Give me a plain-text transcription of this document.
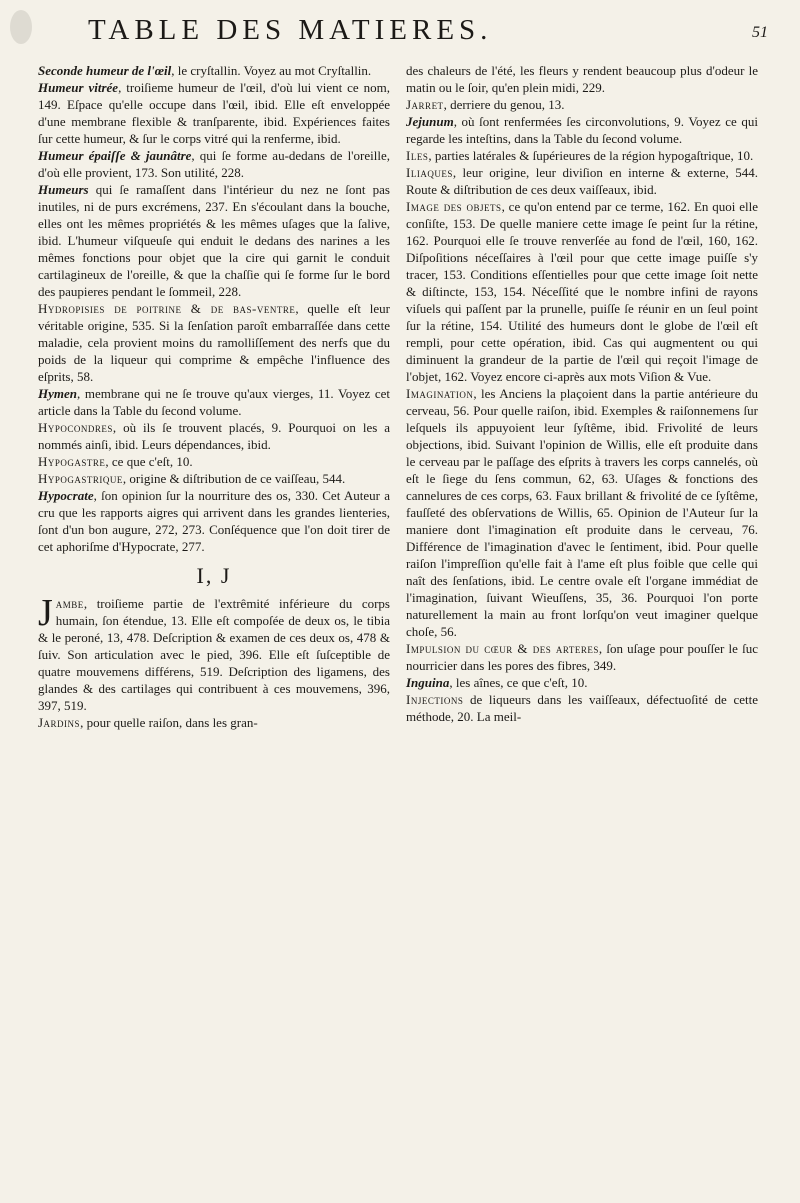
TABLE DES MATIERES.	51

Seconde humeur de l'œil, le cryſtallin. Voyez au mot Cryſtallin.

Humeur vitrée, troiſieme humeur de l'œil, d'où lui vient ce nom, 149. Eſpace qu'elle occupe dans l'œil, ibid. Elle eſt enveloppée d'une membrane flexible & tranſparente, ibid. Expériences faites ſur cette humeur, & ſur le corps vitré qui la renferme, ibid.

Humeur épaiſſe & jaunâtre, qui ſe forme au-dedans de l'oreille, d'où elle provient, 173. Son utilité, 228.

Humeurs qui ſe ramaſſent dans l'intérieur du nez ne ſont pas inutiles, ni de purs excrémens, 237. En s'écoulant dans la bouche, elles ont les mêmes propriétés & les mêmes uſages que la ſalive, ibid. L'humeur viſqueuſe qui enduit le dedans des narines a les mêmes fonctions pour objet que la cire qui garnit le conduit cartilagineux de l'oreille, & que la chaſſie qui ſe forme ſur le bord des paupieres pendant le ſommeil, 228.

Hydropisies de poitrine & de bas-ventre, quelle eſt leur véritable origine, 535. Si la ſenſation paroît embarraſſée dans cette maladie, cela provient moins du ramolliſſement des nerfs que du poids de la liqueur qui comprime & empêche l'influence des eſprits, 58.

Hymen, membrane qui ne ſe trouve qu'aux vierges, 11. Voyez cet article dans la Table du ſecond volume.

Hypocondres, où ils ſe trouvent placés, 9. Pourquoi on les a nommés ainſi, ibid. Leurs dépendances, ibid.

Hypogastre, ce que c'eſt, 10.

Hypogastrique, origine & diſtribution de ce vaiſſeau, 544.

Hypocrate, ſon opinion ſur la nourriture des os, 330. Cet Auteur a cru que les rapports aigres qui arrivent dans les grandes lienteries, ſont d'un bon augure, 272, 273. Conſéquence que l'on doit tirer de cet aphoriſme d'Hypocrate, 277.

I, J

Jambe, troiſieme partie de l'extrêmité inférieure du corps humain, ſon étendue, 13. Elle eſt compoſée de deux os, le tibia & le peroné, 13, 478. Deſcription & examen de ces deux os, 478 & ſuiv. Son articulation avec le pied, 396. Elle eſt ſuſceptible de quatre mouvemens différens, 519. Deſcription des ligamens, des glandes & des cartilages qui contribuent à ces mouvemens, 396, 397, 519.

Jardins, pour quelle raiſon, dans les gran-

des chaleurs de l'été, les fleurs y rendent beaucoup plus d'odeur le matin ou le ſoir, qu'en plein midi, 229.

Jarret, derriere du genou, 13.

Jejunum, où ſont renfermées ſes circonvolutions, 9. Voyez ce qui regarde les inteſtins, dans la Table du ſecond volume.

Iles, parties latérales & ſupérieures de la région hypogaſtrique, 10.

Iliaques, leur origine, leur diviſion en interne & externe, 544. Route & diſtribution de ces deux vaiſſeaux, ibid.

Image des objets, ce qu'on entend par ce terme, 162. En quoi elle conſiſte, 153. De quelle maniere cette image ſe peint ſur la rétine, 162. Pourquoi elle ſe trouve renverſée au fond de l'œil, 160, 162. Diſpoſitions néceſſaires à l'œil pour que cette image puiſſe s'y tracer, 153. Conditions eſſentielles pour que cette image ſoit nette & diſtincte, 153, 154. Néceſſité que le nombre infini de rayons viſuels qui paſſent par la prunelle, puiſſe ſe réunir en un ſeul point ſur la rétine, 154. Utilité des humeurs dont le globe de l'œil eſt rempli, pour cette opération, ibid. Cas qui augmentent ou qui diminuent la grandeur de la partie de l'œil qui reçoit l'image de l'objet, 162. Voyez encore ci-après aux mots Viſion & Vue.

Imagination, les Anciens la plaçoient dans la partie antérieure du cerveau, 56. Pour quelle raiſon, ibid. Exemples & raiſonnemens ſur leſquels ils appuyoient leur ſyſtême, ibid. Frivolité de leurs objections, ibid. Suivant l'opinion de Willis, elle eſt produite dans le cerveau par le paſſage des eſprits à travers les corps cannelés, où eſt le ſiege du ſens commun, 62, 63. Uſages & fonctions des cannelures de ces corps, 63. Faux brillant & frivolité de ce ſyſtême, fauſſeté des obſervations de Willis, 65. Opinion de l'Auteur ſur la maniere dont l'imagination eſt produite dans le cerveau, 76. Différence de l'imagination d'avec le ſentiment, ibid. Pour quelle raiſon l'impreſſion qu'elle fait à l'ame eſt plus foible que celle qui naît des ſenſations, ibid. Le centre ovale eſt l'organe immédiat de l'imagination, ſuivant Wieuſſens, 35, 36. Pourquoi l'on porte naturellement la main au front lorſqu'on veut imaginer quelque choſe, 56.

Impulsion du cœur & des arteres, ſon uſage pour pouſſer le ſuc nourricier dans les pores des fibres, 349.

Inguina, les aînes, ce que c'eſt, 10.

Injections de liqueurs dans les vaiſſeaux, défectuoſité de cette méthode, 20. La meil-
